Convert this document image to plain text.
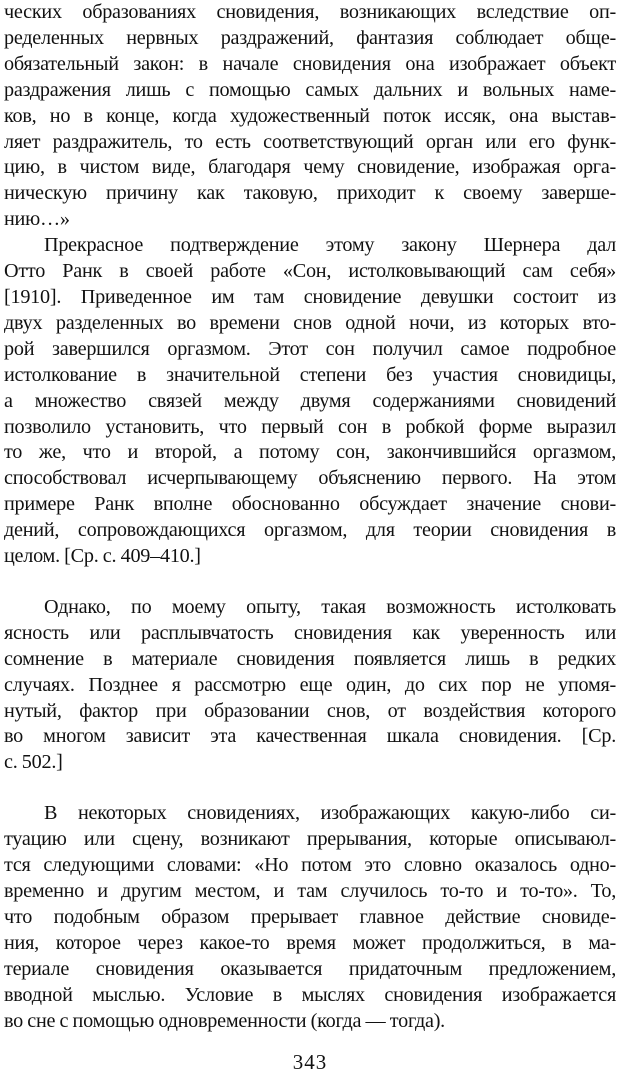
ческих образованиях сновидения, возникающих вследствие оп-
ределенных нервных раздражений, фантазия соблюдает обще-
обязательный закон: в начале сновидения она изображает объект
раздражения лишь с помощью самых дальних и вольных наме-
ков, но в конце, когда художественный поток иссяк, она выстав-
ляет раздражитель, то есть соответствующий орган или его функ-
цию, в чистом виде, благодаря чему сновидение, изображая орга-
ническую причину как таковую, приходит к своему заверше-
нию…»

Прекрасное подтверждение этому закону Шернера дал
Отто Ранк в своей работе «Сон, истолковывающий сам себя»
[1910]. Приведенное им там сновидение девушки состоит из
двух разделенных во времени снов одной ночи, из которых вто-
рой завершился оргазмом. Этот сон получил самое подробное
истолкование в значительной степени без участия сновидицы,
а множество связей между двумя содержаниями сновидений
позволило установить, что первый сон в робкой форме выразил
то же, что и второй, а потому сон, закончившийся оргазмом,
способствовал исчерпывающему объяснению первого. На этом
примере Ранк вполне обоснованно обсуждает значение снови-
дений, сопровождающихся оргазмом, для теории сновидения в
целом. [Ср. с. 409–410.]

Однако, по моему опыту, такая возможность истолковать
ясность или расплывчатость сновидения как уверенность или
сомнение в материале сновидения появляется лишь в редких
случаях. Позднее я рассмотрю еще один, до сих пор не упомя-
нутый, фактор при образовании снов, от воздействия которого
во многом зависит эта качественная шкала сновидения. [Ср.
с. 502.]

В некоторых сновидениях, изображающих какую-либо си-
туацию или сцену, возникают прерывания, которые описываюл-
тся следующими словами: «Но потом это словно оказалось одно-
временно и другим местом, и там случилось то-то и то-то». То,
что подобным образом прерывает главное действие сновиде-
ния, которое через какое-то время может продолжиться, в ма-
териале сновидения оказывается придаточным предложением,
вводной мыслью. Условие в мыслях сновидения изображается
во сне с помощью одновременности (когда — тогда).

343
